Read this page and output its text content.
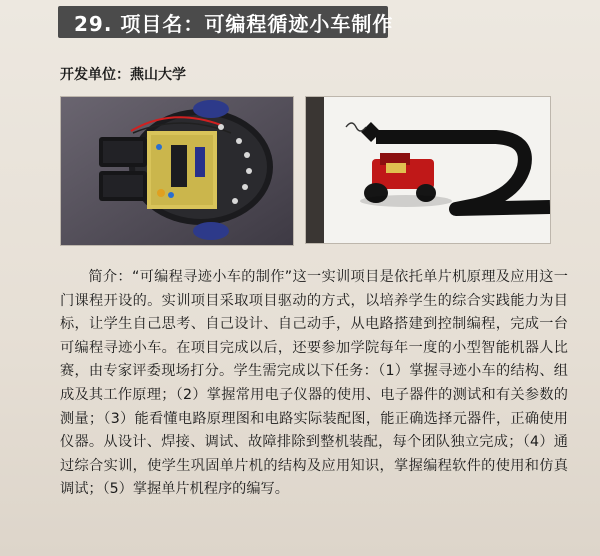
29. 项目名：可编程循迹小车制作
开发单位：燕山大学

简介：“可编程寻迹小车的制作”这一实训项目是依托单片机原理及应用这一门课程开设的。实训项目采取项目驱动的方式，以培养学生的综合实践能力为目标，让学生自己思考、自己设计、自己动手，从电路搭建到控制编程，完成一台可编程寻迹小车。在项目完成以后，还要参加学院每年一度的小型智能机器人比赛，由专家评委现场打分。学生需完成以下任务：（1）掌握寻迹小车的结构、组成及其工作原理；（2）掌握常用电子仪器的使用、电子器件的测试和有关参数的测量；（3）能看懂电路原理图和电路实际装配图，能正确选择元器件，正确使用仪器。从设计、焊接、调试、故障排除到整机装配，每个团队独立完成；（4）通过综合实训，使学生巩固单片机的结构及应用知识，掌握编程软件的使用和仿真调试；（5）掌握单片机程序的编写。
